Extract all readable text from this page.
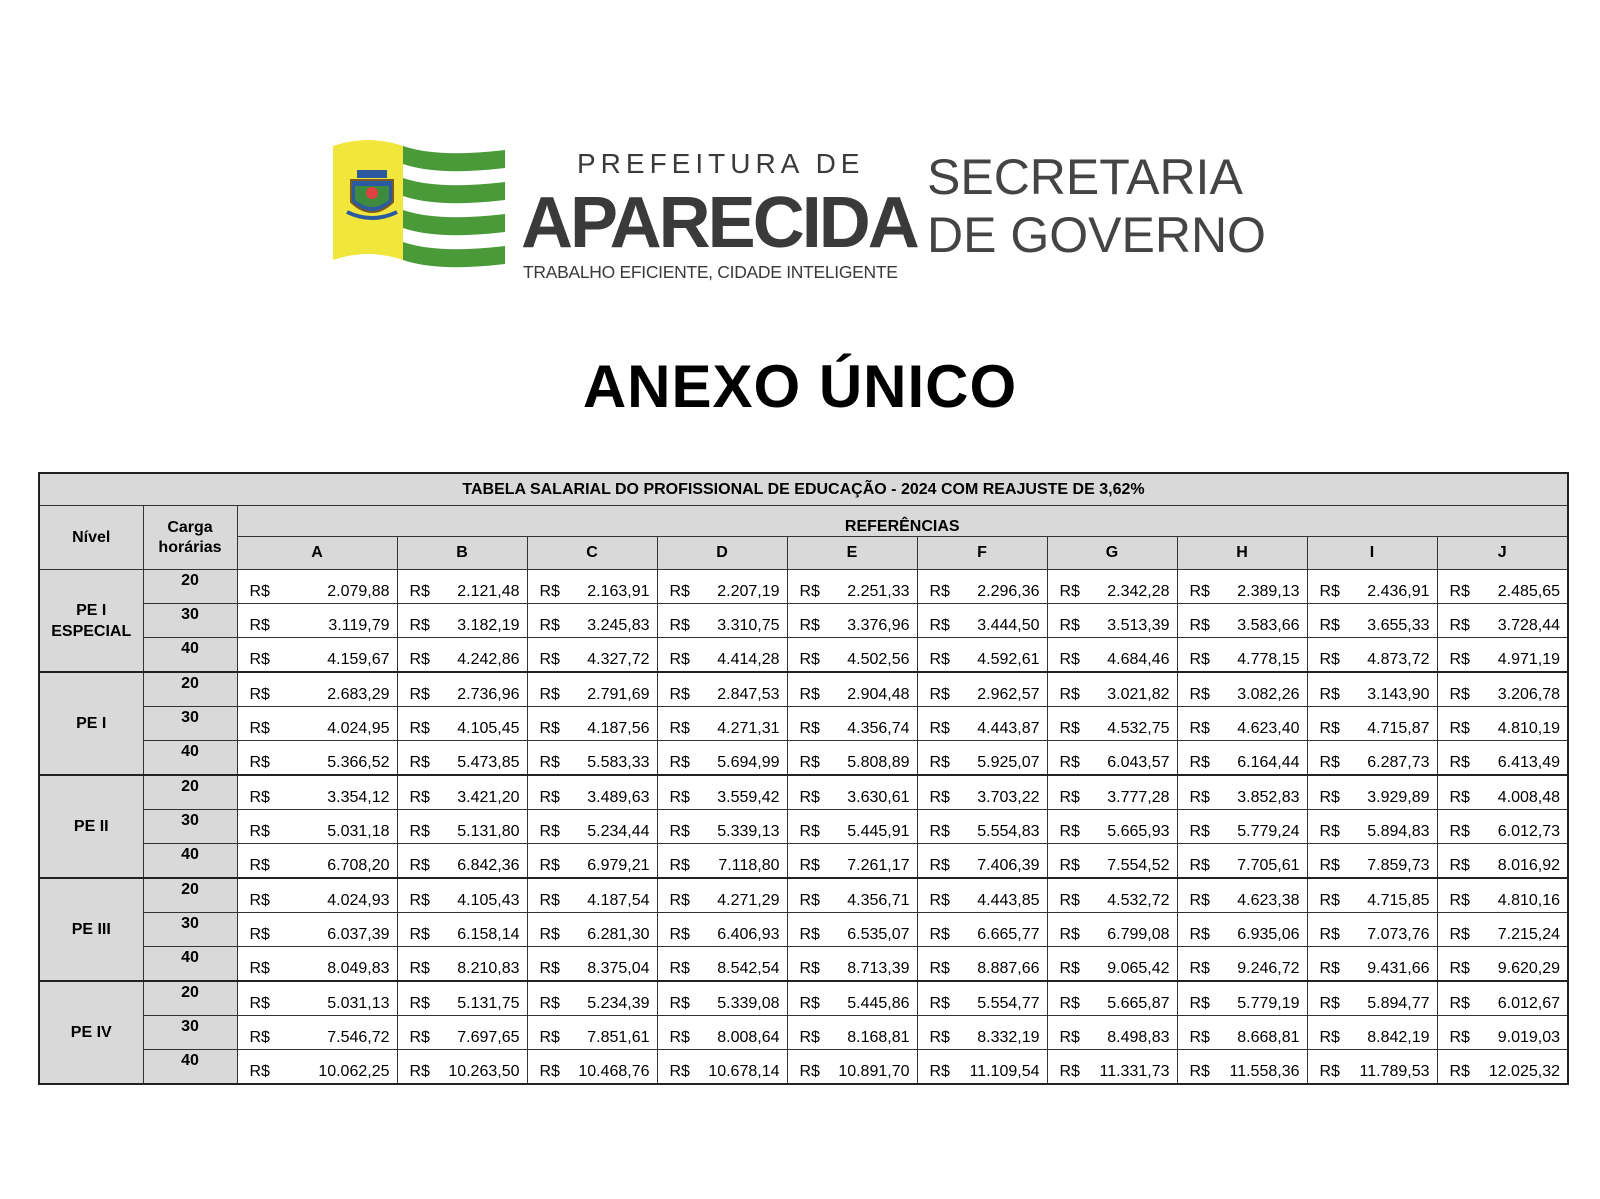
PREFEITURA DE
APARECIDA
TRABALHO EFICIENTE, CIDADE INTELIGENTE
SECRETARIA
DE GOVERNO
ANEXO ÚNICO
TABELA SALARIAL DO PROFISSIONAL DE EDUCAÇÃO - 2024 COM REAJUSTE DE 3,62%											
Nível	Carga horárias	REFERÊNCIAS									
		A	B	C	D	E	F	G	H	I	J
PE I ESPECIAL	20	R$ 2.079,88	R$ 2.121,48	R$ 2.163,91	R$ 2.207,19	R$ 2.251,33	R$ 2.296,36	R$ 2.342,28	R$ 2.389,13	R$ 2.436,91	R$ 2.485,65

	30	R$ 3.119,79	R$ 3.182,19	R$ 3.245,83	R$ 3.310,75	R$ 3.376,96	R$ 3.444,50	R$ 3.513,39	R$ 3.583,66	R$ 3.655,33	R$ 3.728,44

	40	R$ 4.159,67	R$ 4.242,86	R$ 4.327,72	R$ 4.414,28	R$ 4.502,56	R$ 4.592,61	R$ 4.684,46	R$ 4.778,15	R$ 4.873,72	R$ 4.971,19

PE I	20	R$ 2.683,29	R$ 2.736,96	R$ 2.791,69	R$ 2.847,53	R$ 2.904,48	R$ 2.962,57	R$ 3.021,82	R$ 3.082,26	R$ 3.143,90	R$ 3.206,78

	30	R$ 4.024,95	R$ 4.105,45	R$ 4.187,56	R$ 4.271,31	R$ 4.356,74	R$ 4.443,87	R$ 4.532,75	R$ 4.623,40	R$ 4.715,87	R$ 4.810,19

	40	R$ 5.366,52	R$ 5.473,85	R$ 5.583,33	R$ 5.694,99	R$ 5.808,89	R$ 5.925,07	R$ 6.043,57	R$ 6.164,44	R$ 6.287,73	R$ 6.413,49

PE II	20	R$ 3.354,12	R$ 3.421,20	R$ 3.489,63	R$ 3.559,42	R$ 3.630,61	R$ 3.703,22	R$ 3.777,28	R$ 3.852,83	R$ 3.929,89	R$ 4.008,48

	30	R$ 5.031,18	R$ 5.131,80	R$ 5.234,44	R$ 5.339,13	R$ 5.445,91	R$ 5.554,83	R$ 5.665,93	R$ 5.779,24	R$ 5.894,83	R$ 6.012,73

	40	R$ 6.708,20	R$ 6.842,36	R$ 6.979,21	R$ 7.118,80	R$ 7.261,17	R$ 7.406,39	R$ 7.554,52	R$ 7.705,61	R$ 7.859,73	R$ 8.016,92

PE III	20	R$ 4.024,93	R$ 4.105,43	R$ 4.187,54	R$ 4.271,29	R$ 4.356,71	R$ 4.443,85	R$ 4.532,72	R$ 4.623,38	R$ 4.715,85	R$ 4.810,16

	30	R$ 6.037,39	R$ 6.158,14	R$ 6.281,30	R$ 6.406,93	R$ 6.535,07	R$ 6.665,77	R$ 6.799,08	R$ 6.935,06	R$ 7.073,76	R$ 7.215,24

	40	R$ 8.049,83	R$ 8.210,83	R$ 8.375,04	R$ 8.542,54	R$ 8.713,39	R$ 8.887,66	R$ 9.065,42	R$ 9.246,72	R$ 9.431,66	R$ 9.620,29

PE IV	20	R$ 5.031,13	R$ 5.131,75	R$ 5.234,39	R$ 5.339,08	R$ 5.445,86	R$ 5.554,77	R$ 5.665,87	R$ 5.779,19	R$ 5.894,77	R$ 6.012,67

	30	R$ 7.546,72	R$ 7.697,65	R$ 7.851,61	R$ 8.008,64	R$ 8.168,81	R$ 8.332,19	R$ 8.498,83	R$ 8.668,81	R$ 8.842,19	R$ 9.019,03

	40	R$ 10.062,25	R$ 10.263,50	R$ 10.468,76	R$ 10.678,14	R$ 10.891,70	R$ 11.109,54	R$ 11.331,73	R$ 11.558,36	R$ 11.789,53	R$ 12.025,32
